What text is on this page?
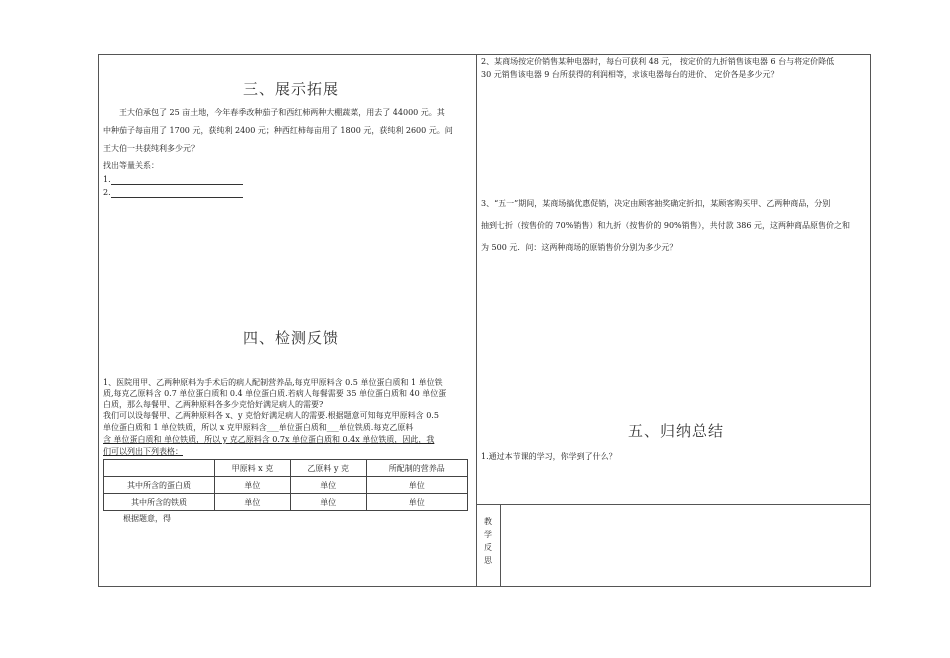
三、展示拓展
王大伯承包了 25 亩土地，今年春季改种茄子和西红柿两种大棚蔬菜，用去了 44000 元。其
中种茄子每亩用了 1700 元，获纯利 2400 元；种西红柿每亩用了 1800 元，获纯利 2600 元。问
王大伯一共获纯利多少元？
找出等量关系：
1.
2.
四、检测反馈
1、医院用甲、乙两种原料为手术后的病人配制营养品,每克甲原料含 0.5 单位蛋白质和 1 单位铁
质,每克乙原料含 0.7 单位蛋白质和 0.4 单位蛋白质.若病人每餐需要 35 单位蛋白质和 40 单位蛋
白质，那么每餐甲、乙两种原料各多少克恰好满足病人的需要?
我们可以设每餐甲、乙两种原料各 x、y 克恰好满足病人的需要.根据题意可知每克甲原料含 0.5
单位蛋白质和 1 单位铁质，所以 x 克甲原料含___单位蛋白质和___单位铁质.每克乙原料
含 单位蛋白质和 单位铁质，所以 y 克乙原料含 0.7x 单位蛋白质和 0.4x 单位铁质，因此，我
们可以列出下列表格：
	甲原料 x 克	乙原料 y 克	所配制的营养品
其中所含的蛋白质	单位	单位	单位
其中所含的铁质	单位	单位	单位
根据题意，得
2、某商场按定价销售某种电器时，每台可获利 48 元， 按定价的九折销售该电器 6 台与将定价降低
30 元销售该电器 9 台所获得的利润相等，求该电器每台的进价、 定价各是多少元？
3、“五一”期间，某商场搞优惠促销，决定由顾客抽奖确定折扣，某顾客购买甲、乙两种商品，分别
抽到七折（按售价的 70%销售）和九折（按售价的 90%销售），共付款 386 元，这两种商品原售价之和
为 500 元．问：这两种商场的原销售价分别为多少元？
五、归纳总结
1.通过本节课的学习，你学到了什么？
教
学
反
思
